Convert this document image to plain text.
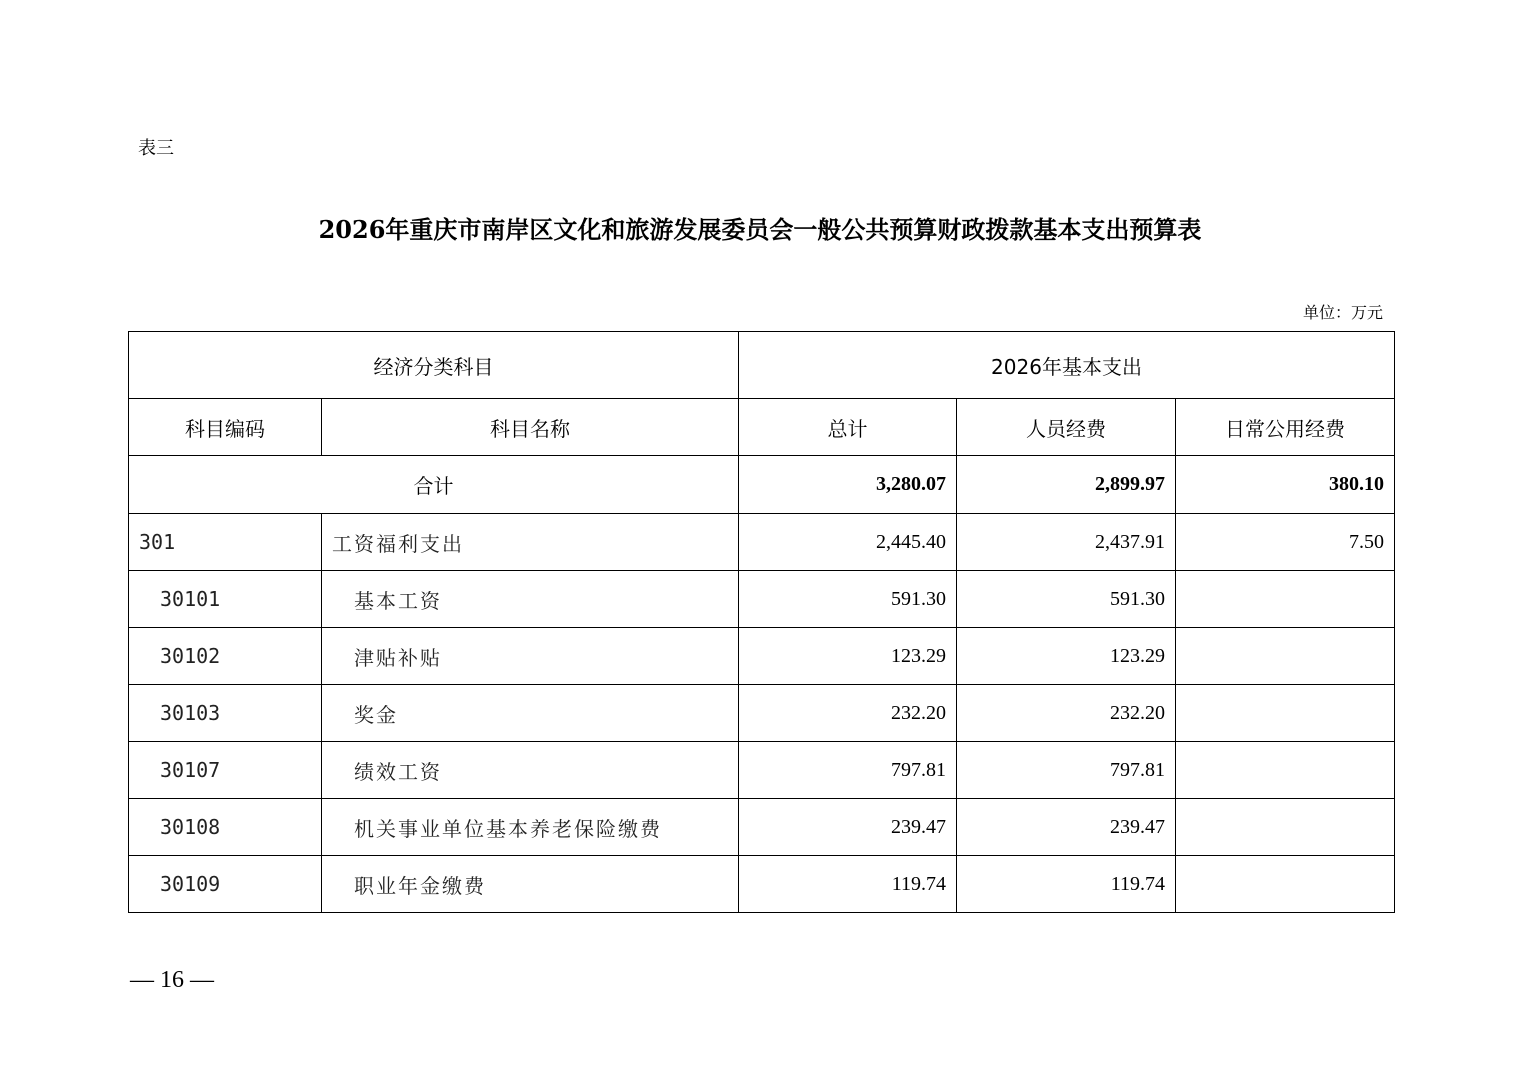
表三
2026年重庆市南岸区文化和旅游发展委员会一般公共预算财政拨款基本支出预算表
单位：万元
经济分类科目		2026年基本支出		
科目编码	科目名称	总计	人员经费	日常公用经费
合计		3,280.07	2,899.97	380.10
301	工资福利支出	2,445.40	2,437.91	7.50
30101	基本工资	591.30	591.30	
30102	津贴补贴	123.29	123.29	
30103	奖金	232.20	232.20	
30107	绩效工资	797.81	797.81	
30108	机关事业单位基本养老保险缴费	239.47	239.47	
30109	职业年金缴费	119.74	119.74	
— 16 —
